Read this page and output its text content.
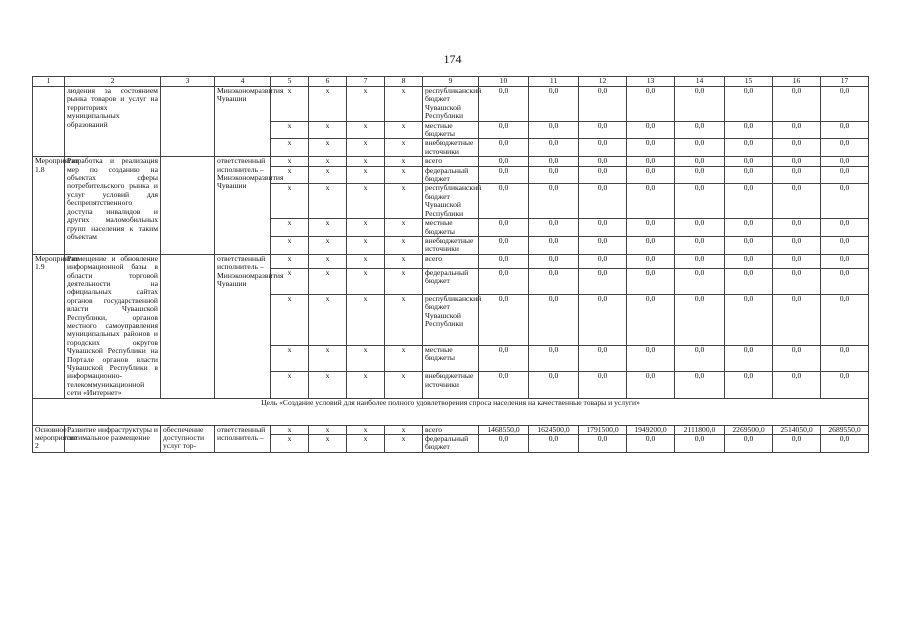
174
1	2	3	4	5	6	7	8	9	10	11	12	13	14	15	16	17
	людения за состоянием рынка товаров и услуг на территориях муниципальных образований		Минэкономразвития Чувашии	x	x	x	x	республиканский бюджет Чувашской Республики	0,0	0,0	0,0	0,0	0,0	0,0	0,0	0,0
				x	x	x	x	местные бюджеты	0,0	0,0	0,0	0,0	0,0	0,0	0,0	0,0
				x	x	x	x	внебюджетные источники	0,0	0,0	0,0	0,0	0,0	0,0	0,0	0,0
Мероприятие 1.8	Разработка и реализация мер по созданию на объектах сферы потребительского рынка и услуг условий для беспрепятственного доступа инвалидов и других маломобильных групп населения к таким объектам		ответственный исполнитель – Минэкономразвития Чувашии	x	x	x	x	всего	0,0	0,0	0,0	0,0	0,0	0,0	0,0	0,0
				x	x	x	x	федеральный бюджет	0,0	0,0	0,0	0,0	0,0	0,0	0,0	0,0
				x	x	x	x	республиканский бюджет Чувашской Республики	0,0	0,0	0,0	0,0	0,0	0,0	0,0	0,0
				x	x	x	x	местные бюджеты	0,0	0,0	0,0	0,0	0,0	0,0	0,0	0,0
				x	x	x	x	внебюджетные источники	0,0	0,0	0,0	0,0	0,0	0,0	0,0	0,0
Мероприятие 1.9	Размещение и обновление информационной базы в области торговой деятельности на официальных сайтах органов государственной власти Чувашской Республики, органов местного самоуправления муниципальных районов и городских округов Чувашской Республики на Портале органов власти Чувашской Республики в информационно-телекоммуникационной сети «Интернет»		ответственный исполнитель – Минэкономразвития Чувашии	x	x	x	x	всего	0,0	0,0	0,0	0,0	0,0	0,0	0,0	0,0
				x	x	x	x	федеральный бюджет	0,0	0,0	0,0	0,0	0,0	0,0	0,0	0,0
				x	x	x	x	республиканский бюджет Чувашской Республики	0,0	0,0	0,0	0,0	0,0	0,0	0,0	0,0
				x	x	x	x	местные бюджеты	0,0	0,0	0,0	0,0	0,0	0,0	0,0	0,0
				x	x	x	x	внебюджетные источники	0,0	0,0	0,0	0,0	0,0	0,0	0,0	0,0
Цель «Создание условий для наиболее полного удовлетворения спроса населения на качественные товары и услуги»																
Основное мероприятие 2	Развитие инфраструктуры и оптимальное размещение	обеспечение доступности услуг тор-	ответственный исполнитель –	x	x	x	x	всего	1468550,0	1624500,0	1791500,0	1949200,0	2111800,0	2269500,0	2514050,0	2689550,0
				x	x	x	x	федеральный бюджет	0,0	0,0	0,0	0,0	0,0	0,0	0,0	0,0
